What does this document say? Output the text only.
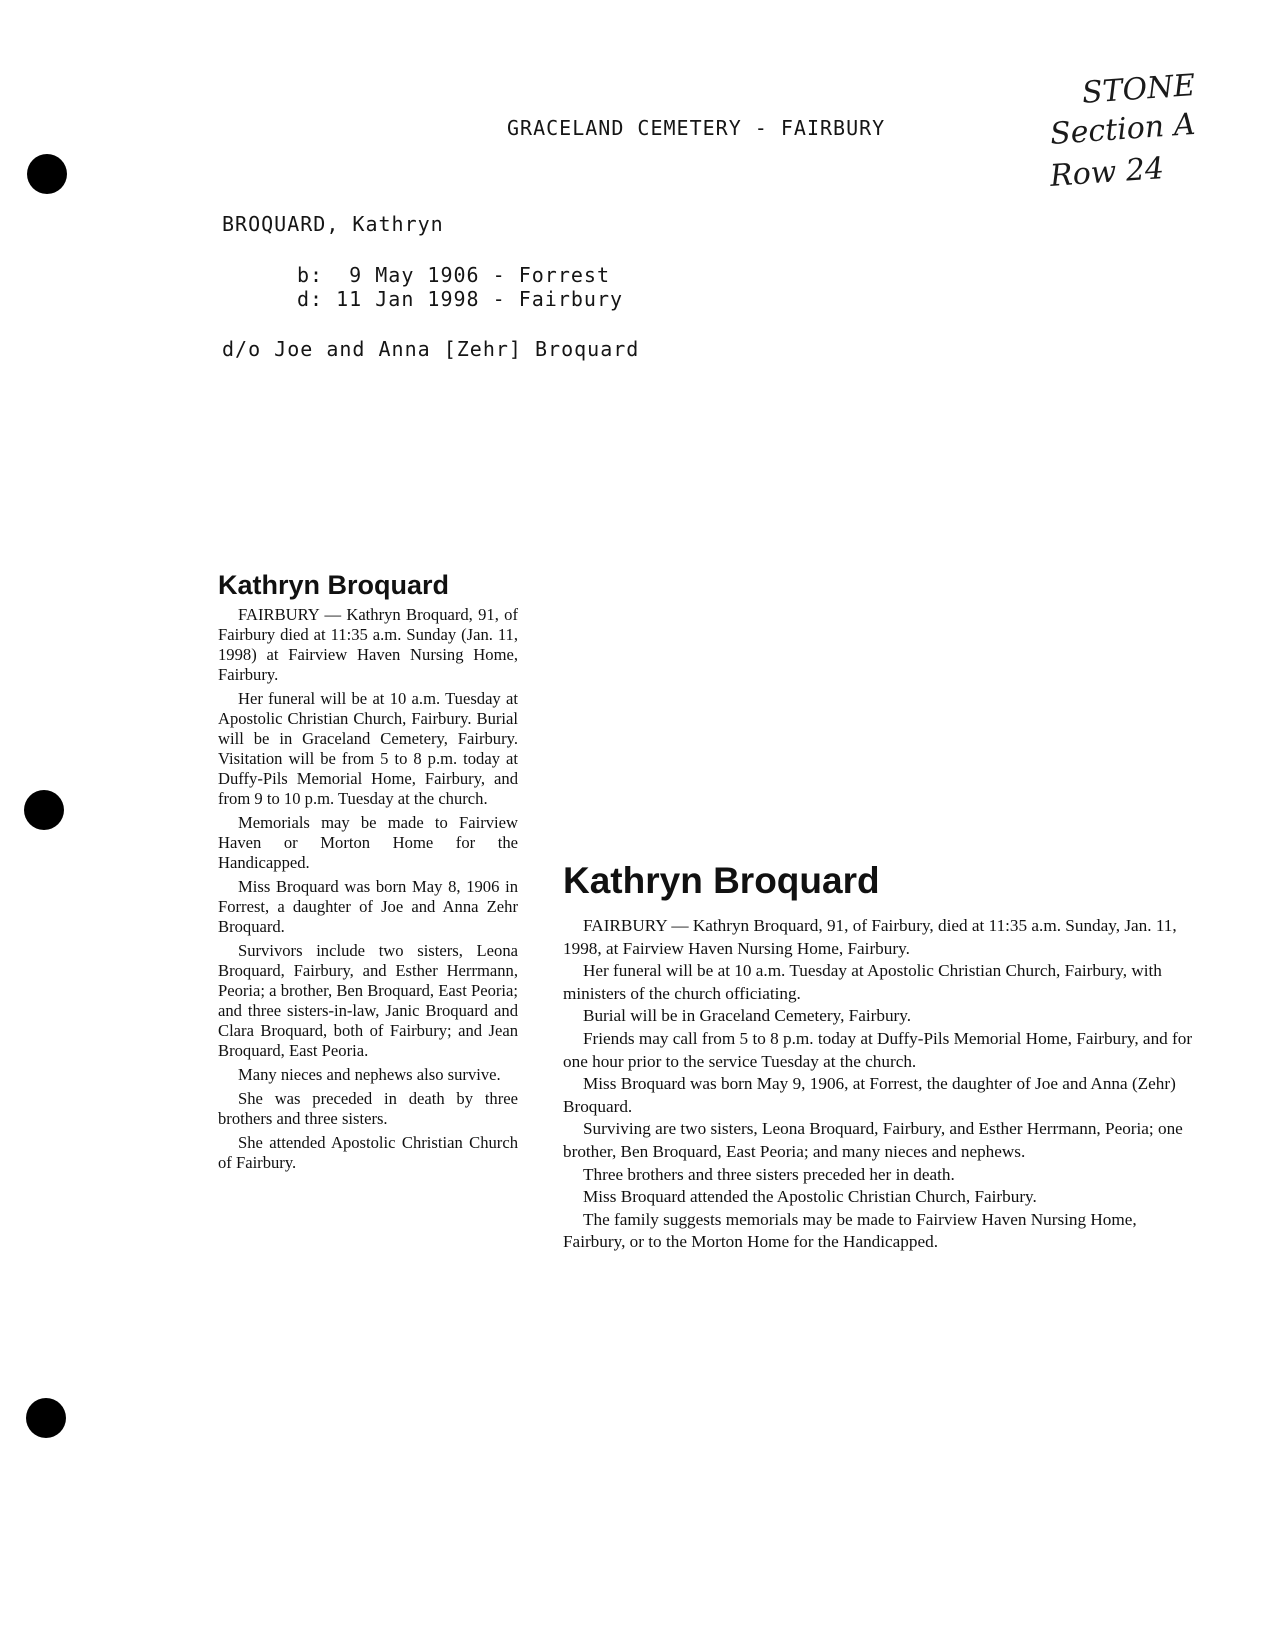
GRACELAND CEMETERY - FAIRBURY
STONE
Section A
Row 24
BROQUARD, Kathryn
b:  9 May 1906 - Forrest
d: 11 Jan 1998 - Fairbury
d/o Joe and Anna [Zehr] Broquard
Kathryn Broquard

FAIRBURY — Kathryn Broquard, 91, of Fairbury died at 11:35 a.m. Sunday (Jan. 11, 1998) at Fairview Haven Nursing Home, Fairbury.

Her funeral will be at 10 a.m. Tuesday at Apostolic Christian Church, Fairbury. Burial will be in Graceland Cemetery, Fairbury. Visitation will be from 5 to 8 p.m. today at Duffy-Pils Memorial Home, Fairbury, and from 9 to 10 p.m. Tuesday at the church.

Memorials may be made to Fairview Haven or Morton Home for the Handicapped.

Miss Broquard was born May 8, 1906 in Forrest, a daughter of Joe and Anna Zehr Broquard.

Survivors include two sisters, Leona Broquard, Fairbury, and Esther Herrmann, Peoria; a brother, Ben Broquard, East Peoria; and three sisters-in-law, Janic Broquard and Clara Broquard, both of Fairbury; and Jean Broquard, East Peoria.

Many nieces and nephews also survive.

She was preceded in death by three brothers and three sisters.

She attended Apostolic Christian Church of Fairbury.

Kathryn Broquard

FAIRBURY — Kathryn Broquard, 91, of Fairbury, died at 11:35 a.m. Sunday, Jan. 11, 1998, at Fairview Haven Nursing Home, Fairbury.

Her funeral will be at 10 a.m. Tuesday at Apostolic Christian Church, Fairbury, with ministers of the church officiating.

Burial will be in Graceland Cemetery, Fairbury.

Friends may call from 5 to 8 p.m. today at Duffy-Pils Memorial Home, Fairbury, and for one hour prior to the service Tuesday at the church.

Miss Broquard was born May 9, 1906, at Forrest, the daughter of Joe and Anna (Zehr) Broquard.

Surviving are two sisters, Leona Broquard, Fairbury, and Esther Herrmann, Peoria; one brother, Ben Broquard, East Peoria; and many nieces and nephews.

Three brothers and three sisters preceded her in death.

Miss Broquard attended the Apostolic Christian Church, Fairbury.

The family suggests memorials may be made to Fairview Haven Nursing Home, Fairbury, or to the Morton Home for the Handicapped.
